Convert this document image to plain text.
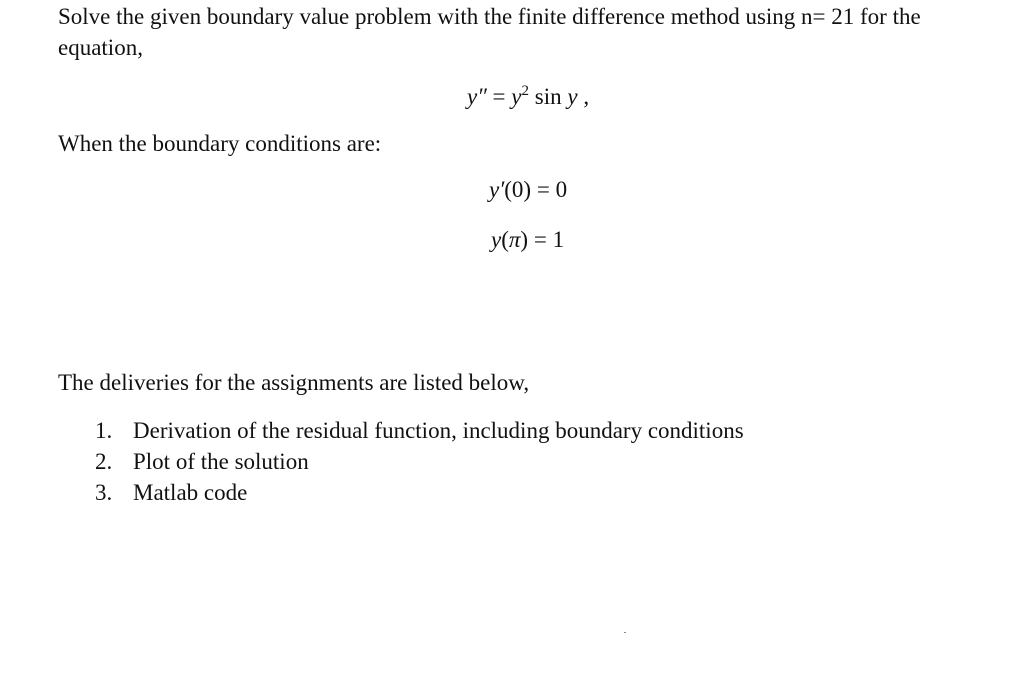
Solve the given boundary value problem with the finite difference method using n= 21 for the equation,

$y'' = y^2$ sin y ,

When the boundary conditions are:

y′(0) = 0
y(π) = 1

The deliveries for the assignments are listed below,

1. Derivation of the residual function, including boundary conditions
2. Plot of the solution
3. Matlab code
